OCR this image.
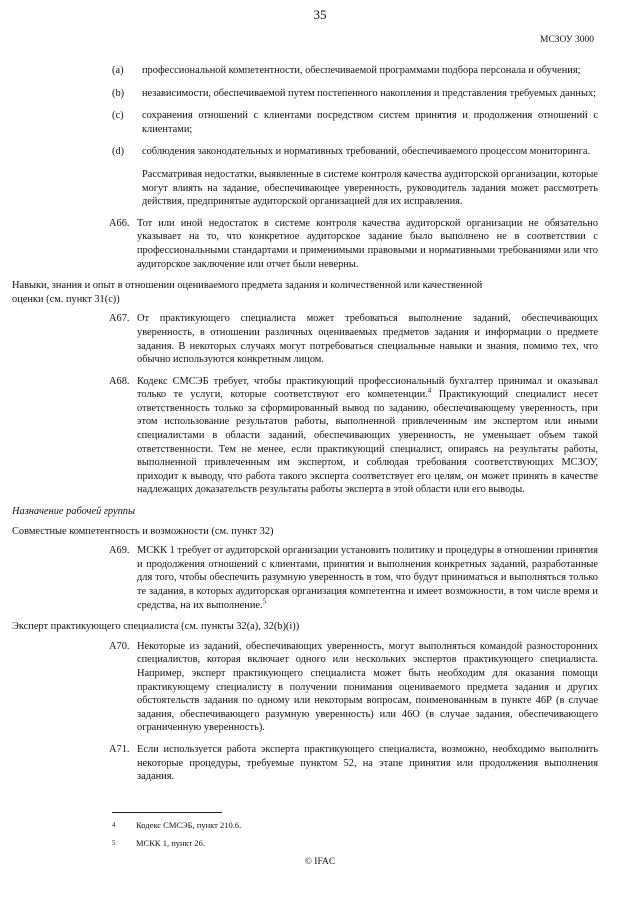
35
МСЗОУ 3000
(a)	профессиональной компетентности, обеспечиваемой программами подбора персонала и обучения;
(b)	независимости, обеспечиваемой путем постепенного накопления и представления требуемых данных;
(c)	сохранения отношений с клиентами посредством систем принятия и продолжения отношений с клиентами;
(d)	соблюдения законодательных и нормативных требований, обеспечиваемого процессом мониторинга.

Рассматривая недостатки, выявленные в системе контроля качества аудиторской организации, которые могут влиять на задание, обеспечивающее уверенность, руководитель задания может рассмотреть действия, предпринятые аудиторской организацией для их исправления.

А66. Тот или иной недостаток в системе контроля качества аудиторской организации не обязательно указывает на то, что конкретное аудиторское задание было выполнено не в соответствии с профессиональными стандартами и применимыми правовыми и нормативными требованиями или что аудиторское заключение или отчет были неверны.
Навыки, знания и опыт в отношении оцениваемого предмета задания и количественной или качественной оценки (см. пункт 31(с))
А67. От практикующего специалиста может требоваться выполнение заданий, обеспечивающих уверенность, в отношении различных оцениваемых предметов задания и информации о предмете задания. В некоторых случаях могут потребоваться специальные навыки и знания, помимо тех, что обычно используются конкретным лицом.
А68. Кодекс СМСЭБ требует, чтобы практикующий профессиональный бухгалтер принимал и оказывал только те услуги, которые соответствуют его компетенции.$^4$ Практикующий специалист несет ответственность только за сформированный вывод по заданию, обеспечивающему уверенность, при этом использование результатов работы, выполненной привлеченным им экспертом или иными специалистами в области заданий, обеспечивающих уверенность, не уменьшает объем такой ответственности. Тем не менее, если практикующий специалист, опираясь на результаты работы, выполненной привлеченным им экспертом, и соблюдая требования соответствующих МСЗОУ, приходит к выводу, что работа такого эксперта соответствует его целям, он может принять в качестве надлежащих доказательств результаты работы эксперта в этой области или его выводы.
Назначение рабочей группы
Совместные компетентность и возможности (см. пункт 32)
А69. МСКК 1 требует от аудиторской организации установить политику и процедуры в отношении принятия и продолжения отношений с клиентами, принятия и выполнения конкретных заданий, разработанные для того, чтобы обеспечить разумную уверенность в том, что будут приниматься и выполняться только те задания, в которых аудиторская организация компетентна и имеет возможности, в том числе время и средства, на их выполнение.$^5$
Эксперт практикующего специалиста (см. пункты 32(a), 32(b)(i))
А70. Некоторые из заданий, обеспечивающих уверенность, могут выполняться командой разносторонних специалистов, которая включает одного или нескольких экспертов практикующего специалиста. Например, эксперт практикующего специалиста может быть необходим для оказания помощи практикующему специалисту в получении понимания оцениваемого предмета задания и других обстоятельств задания по одному или некоторым вопросам, поименованным в пункте 46Р (в случае задания, обеспечивающего разумную уверенность) или 46О (в случае задания, обеспечивающего ограниченную уверенность).
А71. Если используется работа эксперта практикующего специалиста, возможно, необходимо выполнить некоторые процедуры, требуемые пунктом 52, на этапе принятия или продолжения выполнения задания.
4	Кодекс СМСЭБ, пункт 210.6.
5	МСКК 1, пункт 26.
© IFAC
